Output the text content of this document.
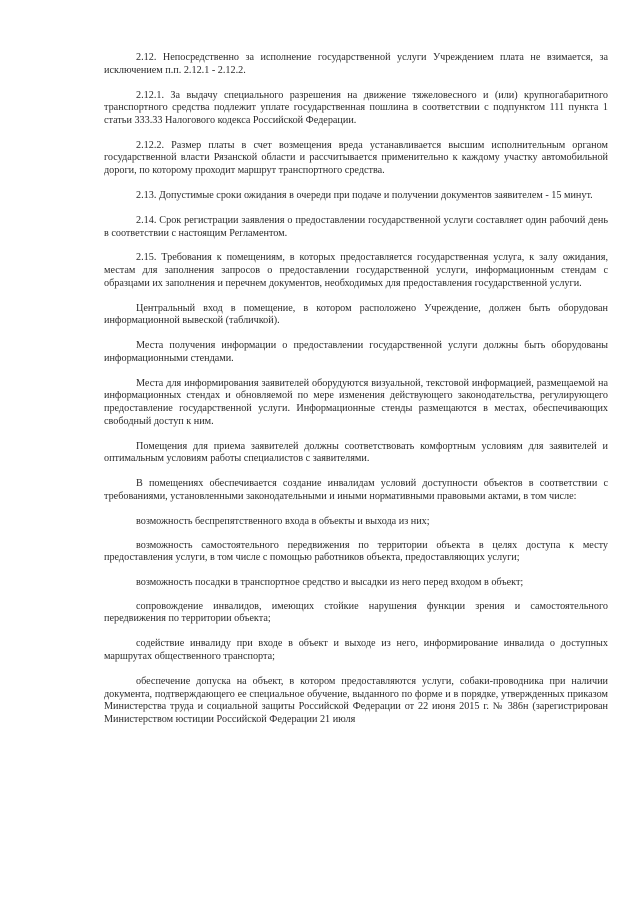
2.12. Непосредственно за исполнение государственной услуги Учреждением плата не взимается, за исключением п.п. 2.12.1 - 2.12.2.

2.12.1. За выдачу специального разрешения на движение тяжеловесного и (или) крупногабаритного транспортного средства подлежит уплате государственная пошлина в соответствии с подпунктом 111 пункта 1 статьи 333.33 Налогового кодекса Российской Федерации.

2.12.2. Размер платы в счет возмещения вреда устанавливается высшим исполнительным органом государственной власти Рязанской области и рассчитывается применительно к каждому участку автомобильной дороги, по которому проходит маршрут транспортного средства.

2.13. Допустимые сроки ожидания в очереди при подаче и получении документов заявителем - 15 минут.

2.14. Срок регистрации заявления о предоставлении государственной услуги составляет один рабочий день в соответствии с настоящим Регламентом.

2.15. Требования к помещениям, в которых предоставляется государственная услуга, к залу ожидания, местам для заполнения запросов о предоставлении государственной услуги, информационным стендам с образцами их заполнения и перечнем документов, необходимых для предоставления государственной услуги.

Центральный вход в помещение, в котором расположено Учреждение, должен быть оборудован информационной вывеской (табличкой).

Места получения информации о предоставлении государственной услуги должны быть оборудованы информационными стендами.

Места для информирования заявителей оборудуются визуальной, текстовой информацией, размещаемой на информационных стендах и обновляемой по мере изменения действующего законодательства, регулирующего предоставление государственной услуги. Информационные стенды размещаются в местах, обеспечивающих свободный доступ к ним.

Помещения для приема заявителей должны соответствовать комфортным условиям для заявителей и оптимальным условиям работы специалистов с заявителями.

В помещениях обеспечивается создание инвалидам условий доступности объектов в соответствии с требованиями, установленными законодательными и иными нормативными правовыми актами, в том числе:

возможность беспрепятственного входа в объекты и выхода из них;

возможность самостоятельного передвижения по территории объекта в целях доступа к месту предоставления услуги, в том числе с помощью работников объекта, предоставляющих услуги;

возможность посадки в транспортное средство и высадки из него перед входом в объект;

сопровождение инвалидов, имеющих стойкие нарушения функции зрения и самостоятельного передвижения по территории объекта;

содействие инвалиду при входе в объект и выходе из него, информирование инвалида о доступных маршрутах общественного транспорта;

обеспечение допуска на объект, в котором предоставляются услуги, собаки-проводника при наличии документа, подтверждающего ее специальное обучение, выданного по форме и в порядке, утвержденных приказом Министерства труда и социальной защиты Российской Федерации от 22 июня 2015 г. № 386н (зарегистрирован Министерством юстиции Российской Федерации 21 июля
